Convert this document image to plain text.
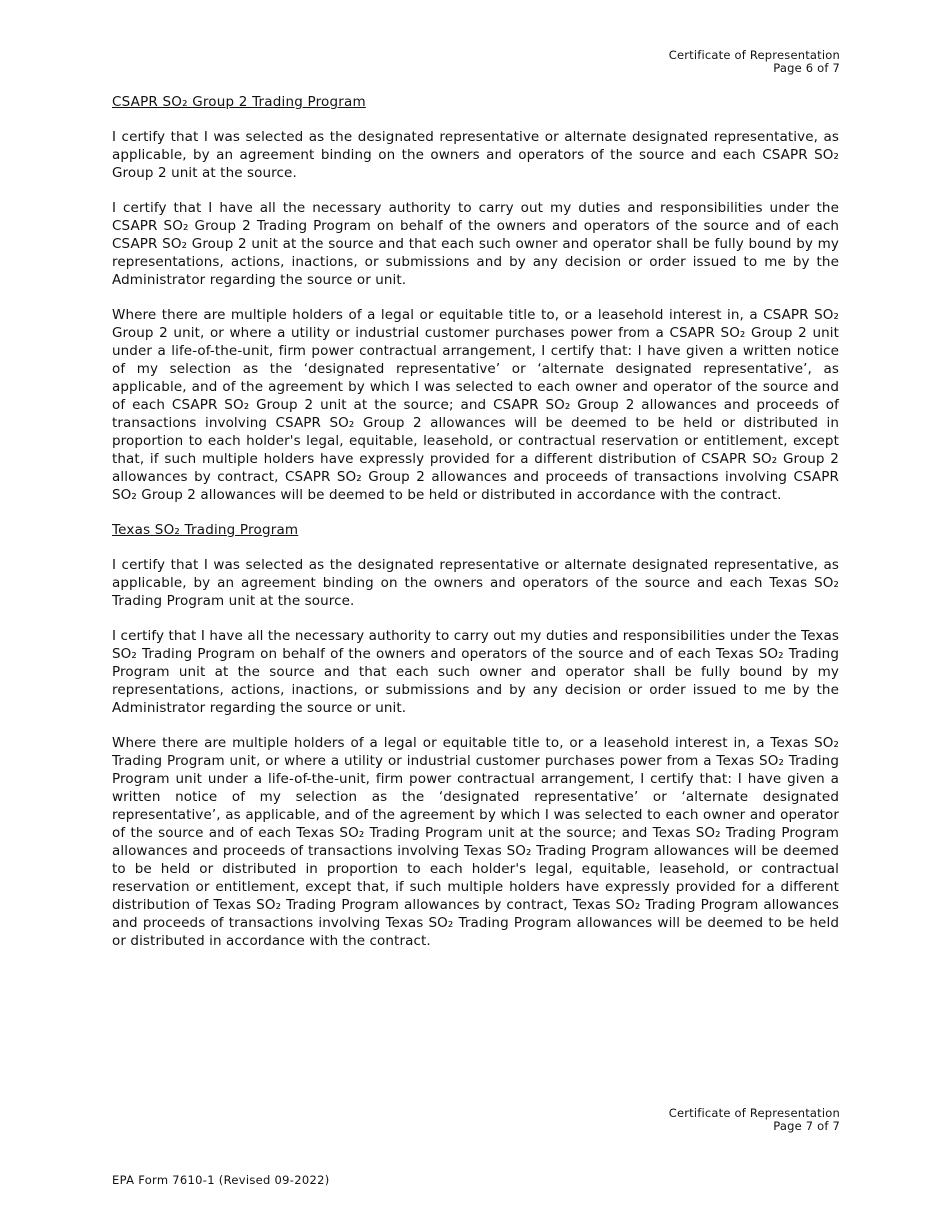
Certificate of Representation
Page 6 of 7
CSAPR SO₂ Group 2 Trading Program

I certify that I was selected as the designated representative or alternate designated representative, as applicable, by an agreement binding on the owners and operators of the source and each CSAPR SO₂ Group 2 unit at the source.

I certify that I have all the necessary authority to carry out my duties and responsibilities under the CSAPR SO₂ Group 2 Trading Program on behalf of the owners and operators of the source and of each CSAPR SO₂ Group 2 unit at the source and that each such owner and operator shall be fully bound by my representations, actions, inactions, or submissions and by any decision or order issued to me by the Administrator regarding the source or unit.

Where there are multiple holders of a legal or equitable title to, or a leasehold interest in, a CSAPR SO₂ Group 2 unit, or where a utility or industrial customer purchases power from a CSAPR SO₂ Group 2 unit under a life-of-the-unit, firm power contractual arrangement, I certify that: I have given a written notice of my selection as the ‘designated representative’ or ‘alternate designated representative’, as applicable, and of the agreement by which I was selected to each owner and operator of the source and of each CSAPR SO₂ Group 2 unit at the source; and CSAPR SO₂ Group 2 allowances and proceeds of transactions involving CSAPR SO₂ Group 2 allowances will be deemed to be held or distributed in proportion to each holder's legal, equitable, leasehold, or contractual reservation or entitlement, except that, if such multiple holders have expressly provided for a different distribution of CSAPR SO₂ Group 2 allowances by contract, CSAPR SO₂ Group 2 allowances and proceeds of transactions involving CSAPR SO₂ Group 2 allowances will be deemed to be held or distributed in accordance with the contract.

Texas SO₂ Trading Program

I certify that I was selected as the designated representative or alternate designated representative, as applicable, by an agreement binding on the owners and operators of the source and each Texas SO₂ Trading Program unit at the source.

I certify that I have all the necessary authority to carry out my duties and responsibilities under the Texas SO₂ Trading Program on behalf of the owners and operators of the source and of each Texas SO₂ Trading Program unit at the source and that each such owner and operator shall be fully bound by my representations, actions, inactions, or submissions and by any decision or order issued to me by the Administrator regarding the source or unit.

Where there are multiple holders of a legal or equitable title to, or a leasehold interest in, a Texas SO₂ Trading Program unit, or where a utility or industrial customer purchases power from a Texas SO₂ Trading Program unit under a life-of-the-unit, firm power contractual arrangement, I certify that: I have given a written notice of my selection as the ‘designated representative’ or ‘alternate designated representative’, as applicable, and of the agreement by which I was selected to each owner and operator of the source and of each Texas SO₂ Trading Program unit at the source; and Texas SO₂ Trading Program allowances and proceeds of transactions involving Texas SO₂ Trading Program allowances will be deemed to be held or distributed in proportion to each holder's legal, equitable, leasehold, or contractual reservation or entitlement, except that, if such multiple holders have expressly provided for a different distribution of Texas SO₂ Trading Program allowances by contract, Texas SO₂ Trading Program allowances and proceeds of transactions involving Texas SO₂ Trading Program allowances will be deemed to be held or distributed in accordance with the contract.

Certificate of Representation
Page 7 of 7
EPA Form 7610-1 (Revised 09-2022)
